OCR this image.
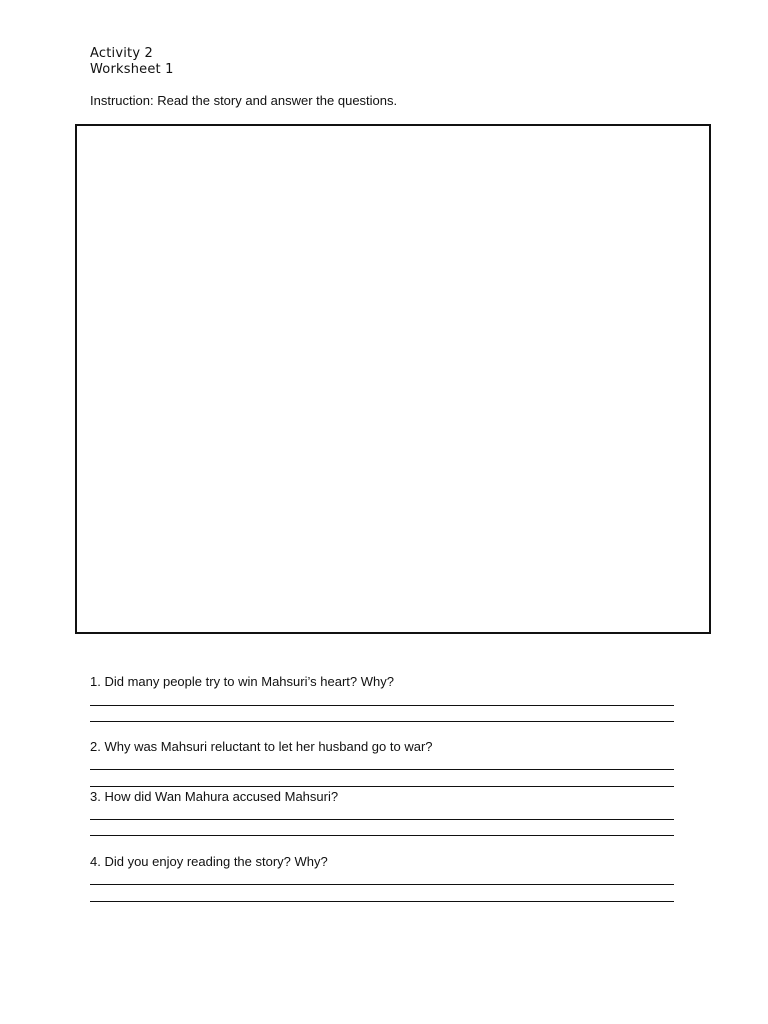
Activity 2
Worksheet 1
Instruction: Read the story and answer the questions.
1. Did many people try to win Mahsuri’s heart? Why?
2. Why was Mahsuri reluctant to let her husband go to war?
3. How did Wan Mahura accused Mahsuri?
4. Did you enjoy reading the story? Why?
